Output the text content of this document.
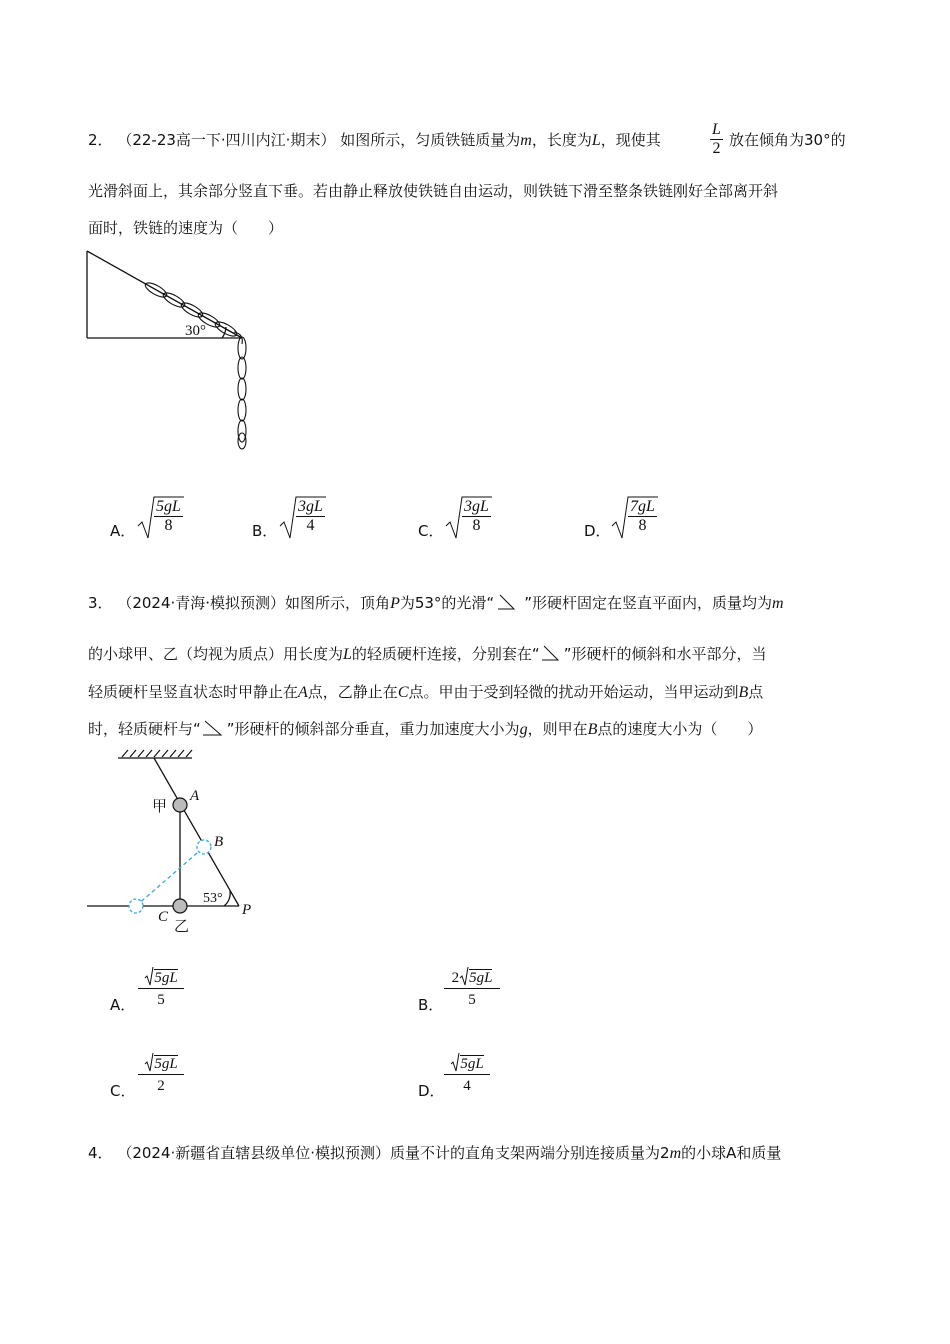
2． （22-23高一下·四川内江·期末） 如图所示，匀质铁链质量为m，长度为L，现使其	$\frac{L}{2}$ 放在倾角为30°的
光滑斜面上，其余部分竖直下垂。若由静止释放使铁链自由运动，则铁链下滑至整条铁链刚好全部离开斜
面时，铁链的速度为（　　）
30°
A． $\frac{5gL}{8}$	B． $\frac{3gL}{4}$	C． $\frac{3gL}{8}$	D． $\frac{7gL}{8}$
3． （2024·青海·模拟预测）如图所示，顶角P为53°的光滑“ ”形硬杆固定在竖直平面内，质量均为m
的小球甲、乙（均视为质点）用长度为L的轻质硬杆连接，分别套在“ ”形硬杆的倾斜和水平部分，当
轻质硬杆呈竖直状态时甲静止在A点，乙静止在C点。甲由于受到轻微的扰动开始运动，当甲运动到B点
时，轻质硬杆与“ ”形硬杆的倾斜部分垂直，重力加速度大小为g，则甲在B点的速度大小为（　　）
甲
A
B
53°
P
C
乙
A．
5gL
5	B．
2 5gL
5
C．
5gL
2	D．
5gL
4
4． （2024·新疆省直辖县级单位·模拟预测）质量不计的直角支架两端分别连接质量为2m的小球A和质量
